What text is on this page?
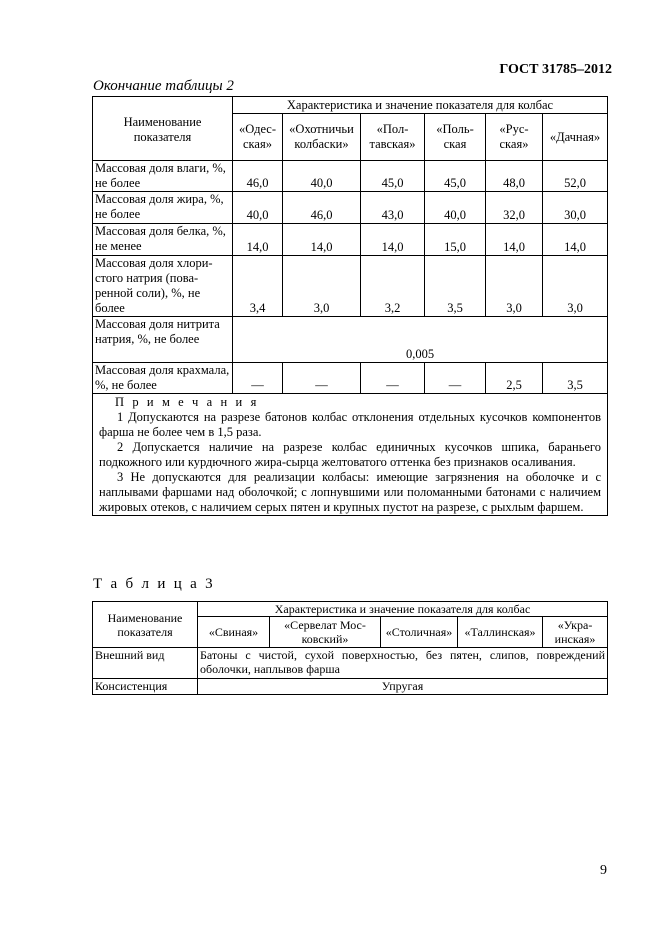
ГОСТ 31785–2012
Окончание таблицы 2
Наименование показателя	Характеристика и значение показателя для колбас					
	«Одесская»	«Охотничьи колбаски»	«Полтавская»	«Польская	«Русская»	«Дачная»
Массовая доля влаги, %, не более	46,0	40,0	45,0	45,0	48,0	52,0
Массовая доля жира, %, не более	40,0	46,0	43,0	40,0	32,0	30,0
Массовая доля белка, %, не менее	14,0	14,0	14,0	15,0	14,0	14,0
Массовая доля хлористого натрия (поваренной соли), %, не более	3,4	3,0	3,2	3,5	3,0	3,0
Массовая доля нитрита натрия, %, не более	0,005					
Массовая доля крахмала, %, не более	—	—	—	—	2,5	3,5

П р и м е ч а н и я

1 Допускаются на разрезе батонов колбас отклонения отдельных кусочков компонентов фарша не более чем в 1,5 раза.

2 Допускается наличие на разрезе колбас единичных кусочков шпика, бараньего подкожного или курдючного жира-сырца желтоватого оттенка без признаков осаливания.

3 Не допускаются для реализации колбасы: имеющие загрязнения на оболочке и с наплывами фаршами над оболочкой; с лопнувшими или поломанными батонами с наличием жировых отеков, с наличием серых пятен и крупных пустот на разрезе, с рыхлым фаршем.						

Т а б л и ц а 3
Наименование показателя	Характеристика и значение показателя для колбас				
	«Свиная»	«Сервелат Московский»	«Столичная»	«Таллинская»	«Украинская»
Внешний вид	Батоны с чистой, сухой поверхностью, без пятен, слипов, повреждений оболочки, наплывов фарша				
Консистенция	Упругая				
9
